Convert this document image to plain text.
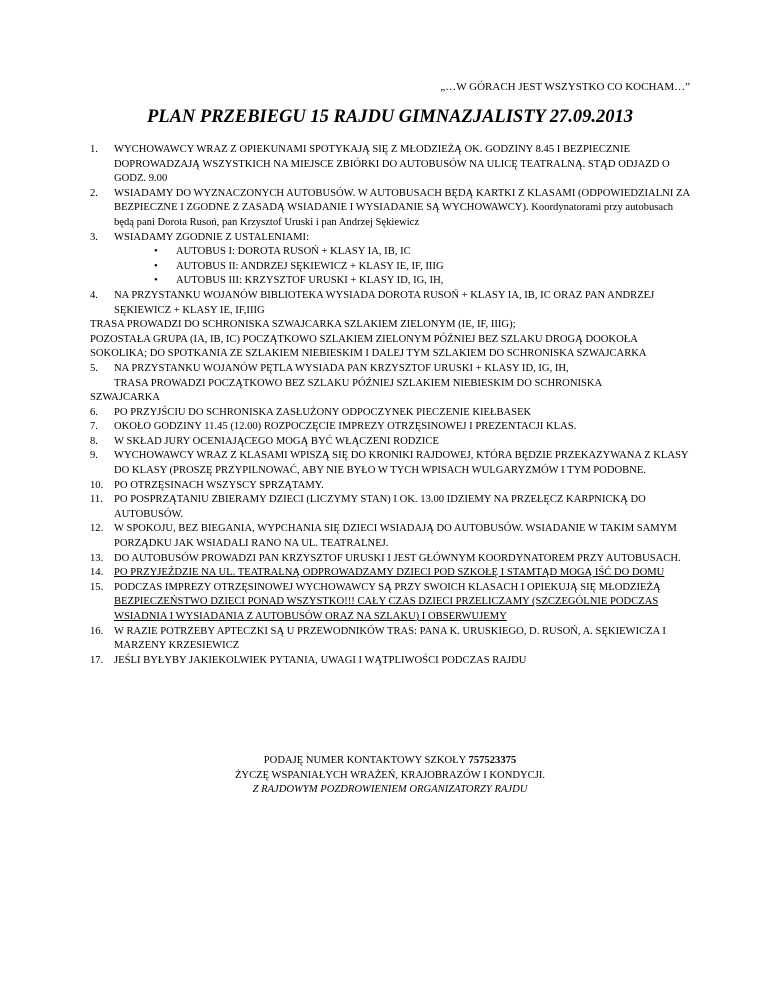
„…W GÓRACH JEST WSZYSTKO CO KOCHAM…”
PLAN PRZEBIEGU 15 RAJDU GIMNAZJALISTY 27.09.2013
1.	WYCHOWAWCY WRAZ Z OPIEKUNAMI SPOTYKAJĄ SIĘ Z MŁODZIEŻĄ OK. GODZINY 8.45 I BEZPIECZNIE DOPROWADZAJĄ WSZYSTKICH NA MIEJSCE ZBIÓRKI DO AUTOBUSÓW NA ULICĘ TEATRALNĄ. STĄD ODJAZD O GODZ. 9.00
2.	WSIADAMY DO WYZNACZONYCH AUTOBUSÓW. W AUTOBUSACH BĘDĄ KARTKI Z KLASAMI (ODPOWIEDZIALNI ZA BEZPIECZNE I ZGODNE Z ZASADĄ WSIADANIE I WYSIADANIE SĄ WYCHOWAWCY). Koordynatorami przy autobusach będą pani Dorota Rusoń, pan Krzysztof Uruski i pan Andrzej Sękiewicz
3.	WSIADAMY ZGODNIE Z USTALENIAMI:
•	AUTOBUS I: DOROTA RUSOŃ + KLASY IA, IB, IC
•	AUTOBUS II: ANDRZEJ SĘKIEWICZ + KLASY IE, IF, IIIG
•	AUTOBUS III: KRZYSZTOF URUSKI + KLASY ID, IG, IH,
4.	NA PRZYSTANKU WOJANÓW BIBLIOTEKA WYSIADA DOROTA RUSOŃ + KLASY IA, IB, IC ORAZ PAN ANDRZEJ SĘKIEWICZ + KLASY IE, IF,IIIG
TRASA PROWADZI DO SCHRONISKA SZWAJCARKA SZLAKIEM ZIELONYM (IE, IF, IIIG);
POZOSTAŁA GRUPA (IA, IB, IC) POCZĄTKOWO SZLAKIEM ZIELONYM PÓŹNIEJ BEZ SZLAKU DROGĄ DOOKOŁA SOKOLIKA; DO SPOTKANIA ZE SZLAKIEM NIEBIESKIM I DALEJ TYM SZLAKIEM DO SCHRONISKA SZWAJCARKA
5.	NA PRZYSTANKU WOJANÓW PĘTLA WYSIADA PAN KRZYSZTOF URUSKI + KLASY ID, IG, IH,
TRASA PROWADZI POCZĄTKOWO BEZ SZLAKU PÓŹNIEJ SZLAKIEM NIEBIESKIM DO SCHRONISKA
SZWAJCARKA
6.	PO PRZYJŚCIU DO SCHRONISKA ZASŁUŻONY ODPOCZYNEK PIECZENIE KIEŁBASEK
7.	OKOŁO GODZINY 11.45 (12.00) ROZPOCZĘCIE IMPREZY OTRZĘSINOWEJ I PREZENTACJI KLAS.
8.	W SKŁAD JURY OCENIAJĄCEGO MOGĄ BYĆ WŁĄCZENI RODZICE
9.	WYCHOWAWCY WRAZ Z KLASAMI WPISZĄ SIĘ DO KRONIKI RAJDOWEJ, KTÓRA BĘDZIE PRZEKAZYWANA Z KLASY DO KLASY (PROSZĘ PRZYPILNOWAĆ, ABY NIE BYŁO W TYCH WPISACH WULGARYZMÓW I TYM PODOBNE.
10.	PO OTRZĘSINACH WSZYSCY SPRZĄTAMY.
11.	PO POSPRZĄTANIU ZBIERAMY DZIECI (LICZYMY STAN) I OK. 13.00 IDZIEMY NA PRZEŁĘCZ KARPNICKĄ DO AUTOBUSÓW.
12.	W SPOKOJU, BEZ BIEGANIA, WYPCHANIA SIĘ DZIECI WSIADAJĄ DO AUTOBUSÓW. WSIADANIE W TAKIM SAMYM PORZĄDKU JAK WSIADALI RANO NA UL. TEATRALNEJ.
13.	DO AUTOBUSÓW PROWADZI PAN KRZYSZTOF URUSKI I JEST GŁÓWNYM KOORDYNATOREM PRZY AUTOBUSACH.
14.	PO PRZYJEŹDZIE NA UL. TEATRALNĄ ODPROWADZAMY DZIECI POD SZKOŁĘ I STAMTĄD MOGĄ IŚĆ DO DOMU
15.	PODCZAS IMPREZY OTRZĘSINOWEJ WYCHOWAWCY SĄ PRZY SWOICH KLASACH I OPIEKUJĄ SIĘ MŁODZIEŻĄ
BEZPIECZEŃSTWO DZIECI PONAD WSZYSTKO!!! CAŁY CZAS DZIECI PRZELICZAMY (SZCZEGÓLNIE PODCZAS WSIADNIA I WYSIADANIA Z AUTOBUSÓW ORAZ NA SZLAKU) I OBSERWUJEMY
16.	W RAZIE POTRZEBY APTECZKI SĄ U PRZEWODNIKÓW TRAS: PANA K. URUSKIEGO, D. RUSOŃ, A. SĘKIEWICZA I MARZENY KRZESIEWICZ
17.	JEŚLI BYŁYBY JAKIEKOLWIEK PYTANIA, UWAGI I WĄTPLIWOŚCI PODCZAS RAJDU
PODAJĘ NUMER KONTAKTOWY SZKOŁY 757523375
ŻYCZĘ WSPANIAŁYCH WRAŻEŃ, KRAJOBRAZÓW I KONDYCJI.
Z RAJDOWYM POZDROWIENIEM ORGANIZATORZY RAJDU
